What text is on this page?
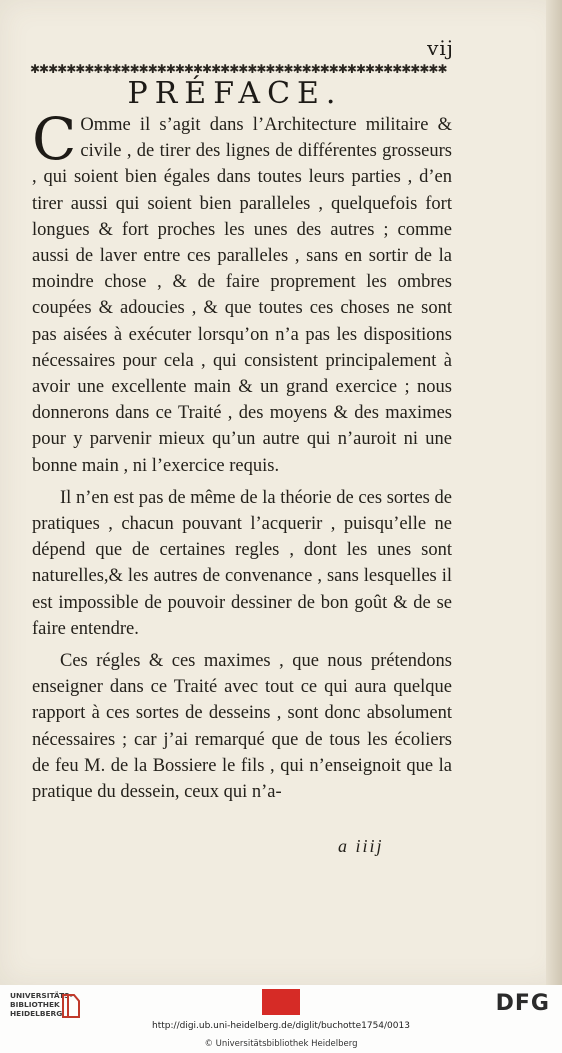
vij
✱✱✱✱✱✱✱✱✱✱✱✱✱✱✱✱✱✱✱✱✱✱✱✱✱✱✱✱✱✱✱✱✱✱✱✱✱✱✱✱✱✱✱✱✱✱
PRÉFACE.

C Omme il s’agit dans l’Architecture militaire & civile , de tirer des lignes de différentes grosseurs , qui soient bien égales dans toutes leurs parties , d’en tirer aussi qui soient bien paralleles , quelquefois fort longues & fort proches les unes des autres ; comme aussi de laver entre ces paralleles , sans en sortir de la moindre chose , & de faire proprement les ombres coupées & adoucies , & que toutes ces choses ne sont pas aisées à exécuter lorsqu’on n’a pas les dispositions nécessaires pour cela , qui consistent principalement à avoir une excellente main & un grand exercice ; nous donnerons dans ce Traité , des moyens & des maximes pour y parvenir mieux qu’un autre qui n’auroit ni une bonne main , ni l’exercice requis.

Il n’en est pas de même de la théorie de ces sortes de pratiques , chacun pouvant l’acquerir , puisqu’elle ne dépend que de certaines regles , dont les unes sont naturelles,& les autres de convenance , sans lesquelles il est impossible de pouvoir dessiner de bon goût & de se faire entendre.

Ces régles & ces maximes , que nous prétendons enseigner dans ce Traité avec tout ce qui aura quelque rapport à ces sortes de desseins , sont donc absolument nécessaires ; car j’ai remarqué que de tous les écoliers de feu M. de la Bossiere le fils , qui n’enseignoit que la pratique du dessein, ceux qui n’a-

a iiij
UNIVERSITÄTS-
BIBLIOTHEK
HEIDELBERG
	DFG
http://digi.ub.uni-heidelberg.de/diglit/buchotte1754/0013
© Universitätsbibliothek Heidelberg
